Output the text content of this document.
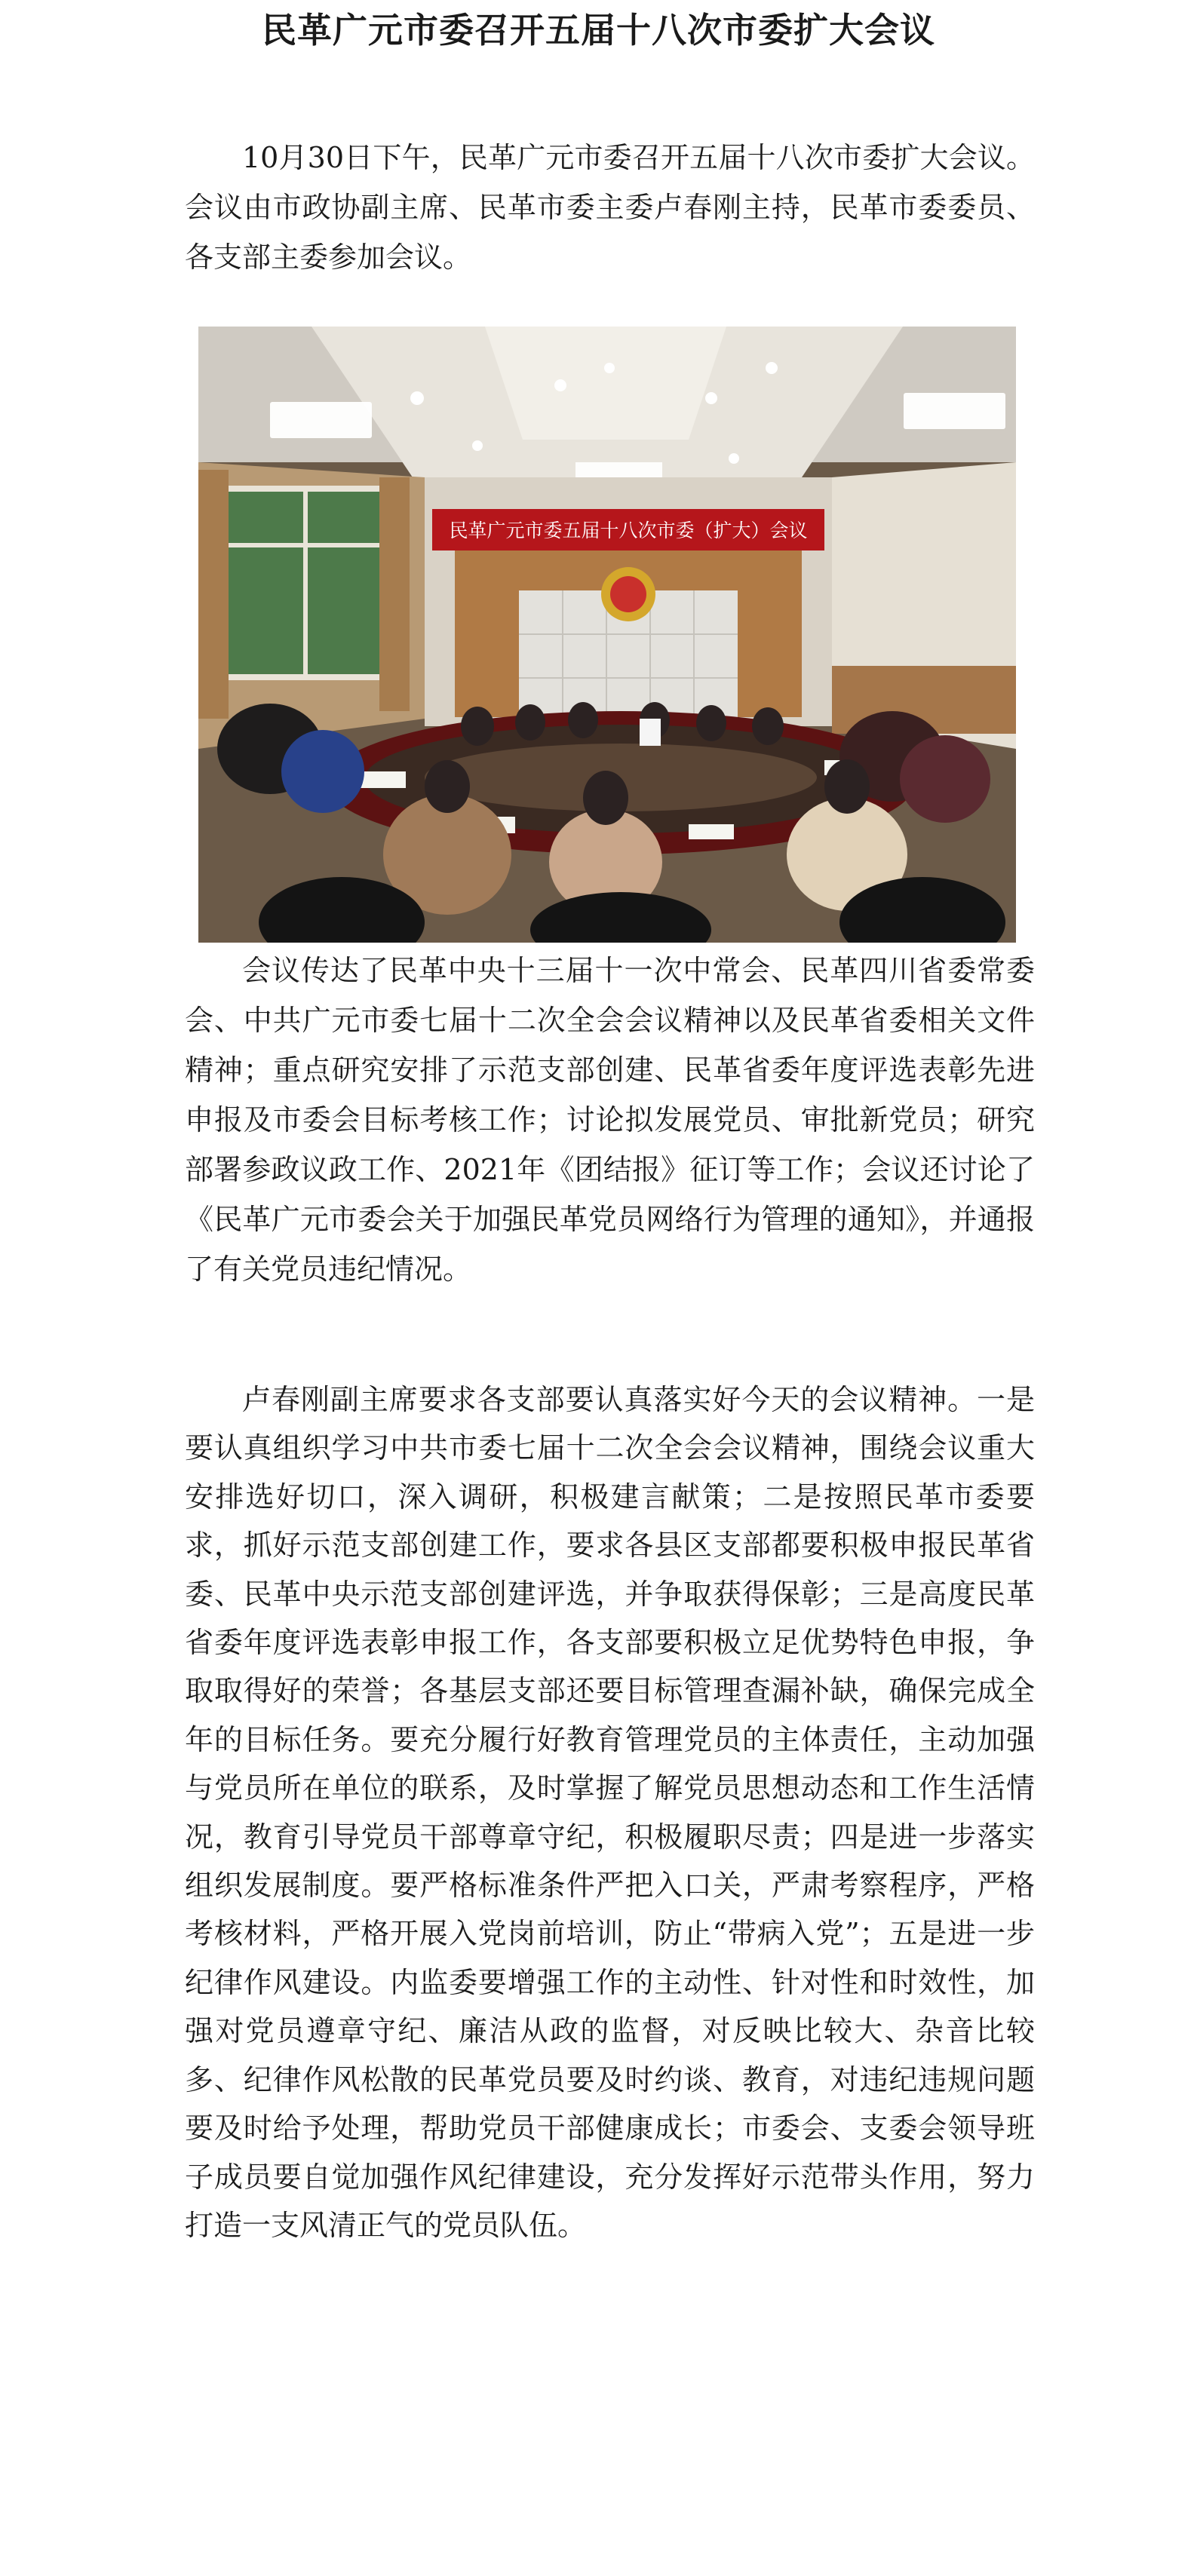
民革广元市委召开五届十八次市委扩大会议

10月30日下午，民革广元市委召开五届十八次市委扩大会议。会议由市政协副主席、民革市委主委卢春刚主持，民革市委委员、各支部主委参加会议。

民革广元市委五届十八次市委（扩大）会议

会议传达了民革中央十三届十一次中常会、民革四川省委常委会、中共广元市委七届十二次全会会议精神以及民革省委相关文件精神；重点研究安排了示范支部创建、民革省委年度评选表彰先进申报及市委会目标考核工作；讨论拟发展党员、审批新党员；研究部署参政议政工作、2021年《团结报》征订等工作；会议还讨论了《民革广元市委会关于加强民革党员网络行为管理的通知》，并通报了有关党员违纪情况。

卢春刚副主席要求各支部要认真落实好今天的会议精神。一是要认真组织学习中共市委七届十二次全会会议精神，围绕会议重大安排选好切口，深入调研，积极建言献策；二是按照民革市委要求，抓好示范支部创建工作，要求各县区支部都要积极申报民革省委、民革中央示范支部创建评选，并争取获得保彰；三是高度民革省委年度评选表彰申报工作，各支部要积极立足优势特色申报，争取取得好的荣誉；各基层支部还要目标管理查漏补缺，确保完成全年的目标任务。要充分履行好教育管理党员的主体责任，主动加强与党员所在单位的联系，及时掌握了解党员思想动态和工作生活情况，教育引导党员干部尊章守纪，积极履职尽责；四是进一步落实组织发展制度。要严格标准条件严把入口关，严肃考察程序，严格考核材料，严格开展入党岗前培训，防止“带病入党”；五是进一步纪律作风建设。内监委要增强工作的主动性、针对性和时效性，加强对党员遵章守纪、廉洁从政的监督，对反映比较大、杂音比较多、纪律作风松散的民革党员要及时约谈、教育，对违纪违规问题要及时给予处理，帮助党员干部健康成长；市委会、支委会领导班子成员要自觉加强作风纪律建设，充分发挥好示范带头作用，努力打造一支风清正气的党员队伍。
